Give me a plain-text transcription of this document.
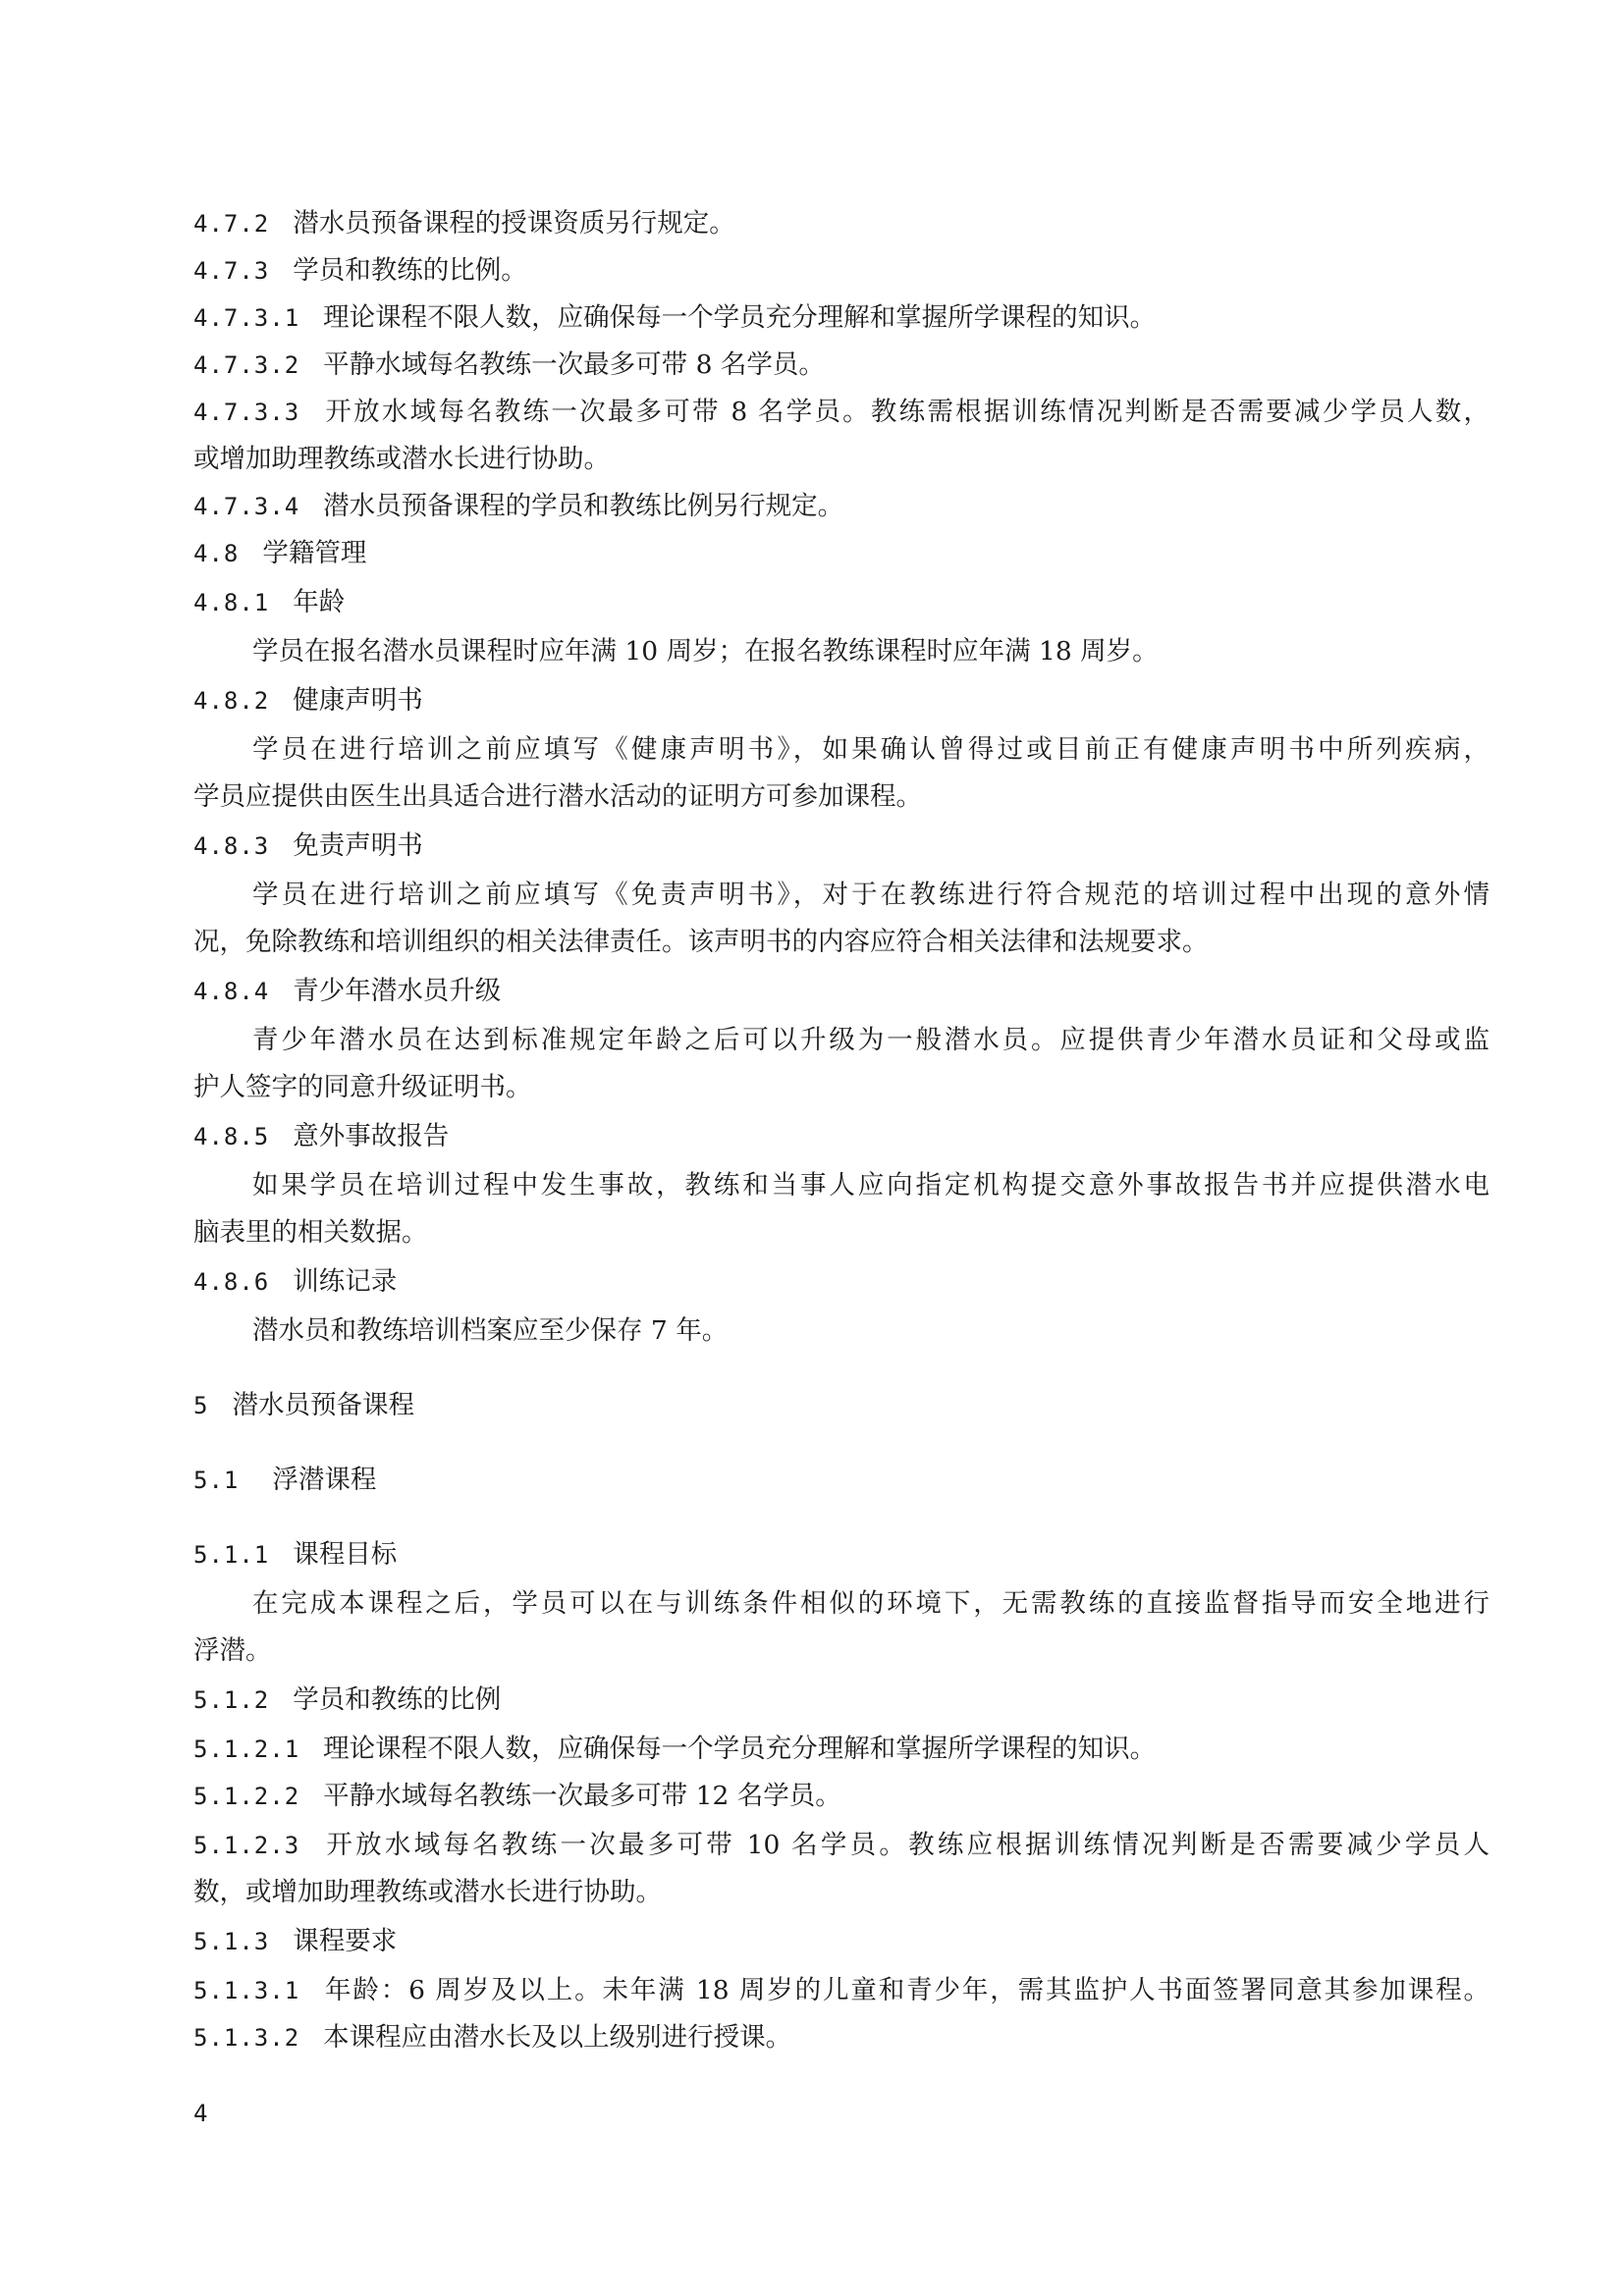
4.7.2 潜水员预备课程的授课资质另行规定。
4.7.3 学员和教练的比例。
4.7.3.1 理论课程不限人数，应确保每一个学员充分理解和掌握所学课程的知识。
4.7.3.2 平静水域每名教练一次最多可带 8 名学员。
4.7.3.3 开放水域每名教练一次最多可带 8 名学员。教练需根据训练情况判断是否需要减少学员人数，
或增加助理教练或潜水长进行协助。
4.7.3.4 潜水员预备课程的学员和教练比例另行规定。
4.8 学籍管理
4.8.1 年龄
学员在报名潜水员课程时应年满 10 周岁；在报名教练课程时应年满 18 周岁。
4.8.2 健康声明书
学员在进行培训之前应填写《健康声明书》，如果确认曾得过或目前正有健康声明书中所列疾病，
学员应提供由医生出具适合进行潜水活动的证明方可参加课程。
4.8.3 免责声明书
学员在进行培训之前应填写《免责声明书》，对于在教练进行符合规范的培训过程中出现的意外情
况，免除教练和培训组织的相关法律责任。该声明书的内容应符合相关法律和法规要求。
4.8.4 青少年潜水员升级
青少年潜水员在达到标准规定年龄之后可以升级为一般潜水员。应提供青少年潜水员证和父母或监
护人签字的同意升级证明书。
4.8.5 意外事故报告
如果学员在培训过程中发生事故，教练和当事人应向指定机构提交意外事故报告书并应提供潜水电
脑表里的相关数据。
4.8.6 训练记录
潜水员和教练培训档案应至少保存 7 年。
5 潜水员预备课程
5.1 浮潜课程
5.1.1 课程目标
在完成本课程之后，学员可以在与训练条件相似的环境下，无需教练的直接监督指导而安全地进行
浮潜。
5.1.2 学员和教练的比例
5.1.2.1 理论课程不限人数，应确保每一个学员充分理解和掌握所学课程的知识。
5.1.2.2 平静水域每名教练一次最多可带 12 名学员。
5.1.2.3 开放水域每名教练一次最多可带 10 名学员。教练应根据训练情况判断是否需要减少学员人
数，或增加助理教练或潜水长进行协助。
5.1.3 课程要求
5.1.3.1 年龄：6 周岁及以上。未年满 18 周岁的儿童和青少年，需其监护人书面签署同意其参加课程。
5.1.3.2 本课程应由潜水长及以上级别进行授课。
4
